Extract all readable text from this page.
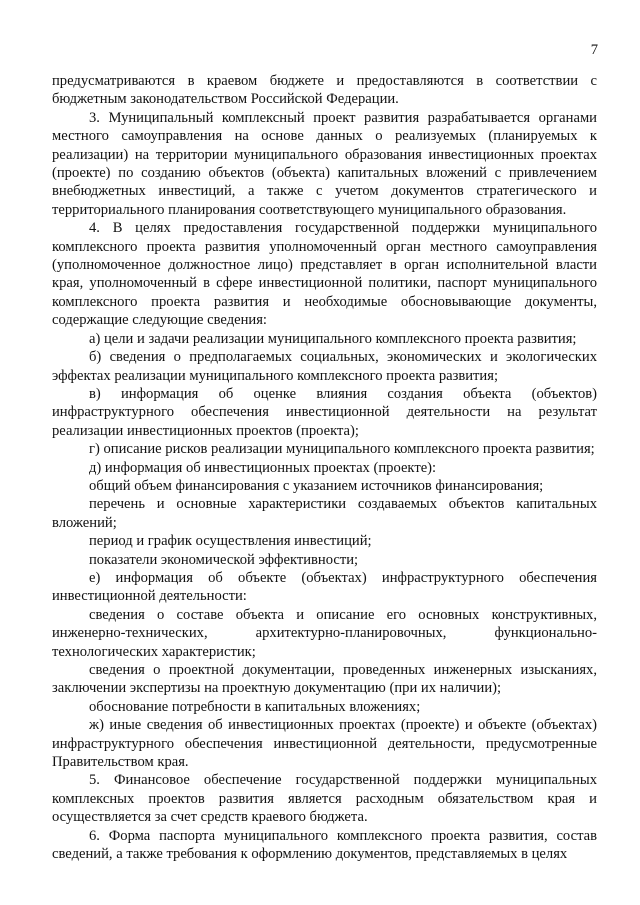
7

предусматриваются в краевом бюджете и предоставляются в соответствии с бюджетным законодательством Российской Федерации.

3. Муниципальный комплексный проект развития разрабатывается органами местного самоуправления на основе данных о реализуемых (планируемых к реализации) на территории муниципального образования инвестиционных проектах (проекте) по созданию объектов (объекта) капитальных вложений с привлечением внебюджетных инвестиций, а также с учетом документов стратегического и территориального планирования соответствующего муниципального образования.

4. В целях предоставления государственной поддержки муниципального комплексного проекта развития уполномоченный орган местного самоуправления (уполномоченное должностное лицо) представляет в орган исполнительной власти края, уполномоченный в сфере инвестиционной политики, паспорт муниципального комплексного проекта развития и необходимые обосновывающие документы, содержащие следующие сведения:

а) цели и задачи реализации муниципального комплексного проекта развития;

б) сведения о предполагаемых социальных, экономических и экологических эффектах реализации муниципального комплексного проекта развития;

в) информация об оценке влияния создания объекта (объектов) инфраструктурного обеспечения инвестиционной деятельности на результат реализации инвестиционных проектов (проекта);

г) описание рисков реализации муниципального комплексного проекта развития;

д) информация об инвестиционных проектах (проекте):

общий объем финансирования с указанием источников финансирования;

перечень и основные характеристики создаваемых объектов капитальных вложений;

период и график осуществления инвестиций;

показатели экономической эффективности;

е) информация об объекте (объектах) инфраструктурного обеспечения инвестиционной деятельности:

сведения о составе объекта и описание его основных конструктивных, инженерно-технических, архитектурно-планировочных, функционально-технологических характеристик;

сведения о проектной документации, проведенных инженерных изысканиях, заключении экспертизы на проектную документацию (при их наличии);

обоснование потребности в капитальных вложениях;

ж) иные сведения об инвестиционных проектах (проекте) и объекте (объектах) инфраструктурного обеспечения инвестиционной деятельности, предусмотренные Правительством края.

5. Финансовое обеспечение государственной поддержки муниципальных комплексных проектов развития является расходным обязательством края и осуществляется за счет средств краевого бюджета.

6. Форма паспорта муниципального комплексного проекта развития, состав сведений, а также требования к оформлению документов, представляемых в целях
